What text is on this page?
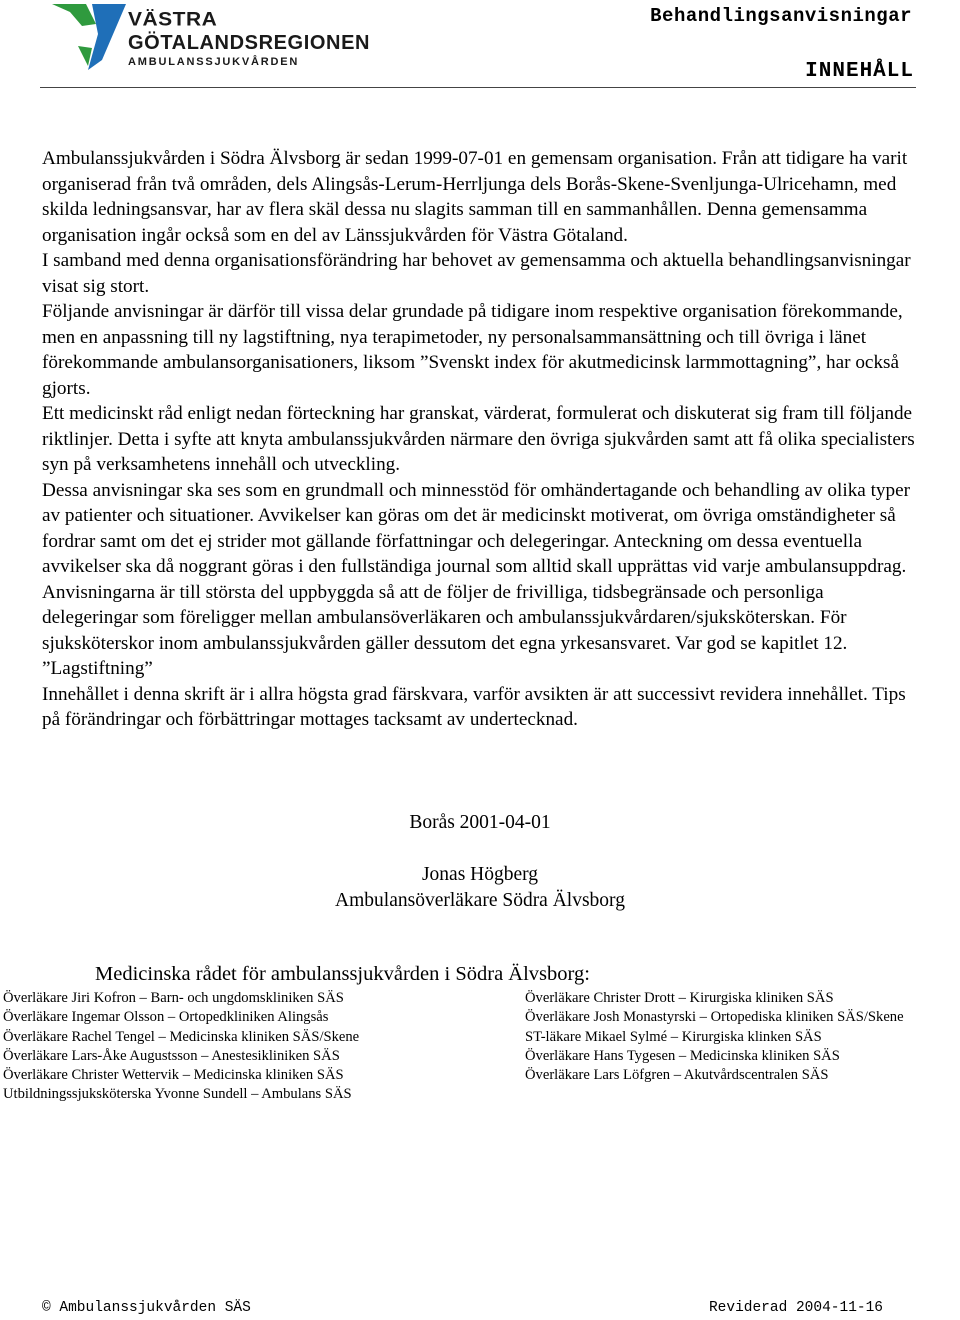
VÄSTRA
GÖTALANDSREGIONEN
AMBULANSSJUKVÅRDEN
Behandlingsanvisningar
INNEHÅLL

Ambulanssjukvården i Södra Älvsborg är sedan 1999-07-01 en gemensam organisation. Från att tidigare ha varit organiserad från två områden, dels Alingsås-Lerum-Herrljunga dels Borås-Skene-Svenljunga-Ulricehamn, med skilda ledningsansvar, har av flera skäl dessa nu slagits samman till en sammanhållen. Denna gemensamma organisation ingår också som en del av Länssjukvården för Västra Götaland.

I samband med denna organisationsförändring har behovet av gemensamma och aktuella behandlingsanvisningar visat sig stort.

Följande anvisningar är därför till vissa delar grundade på tidigare inom respektive organisation förekommande, men en anpassning till ny lagstiftning, nya terapimetoder, ny personalsammansättning och till övriga i länet förekommande ambulansorganisationers, liksom ”Svenskt index för akutmedicinsk larmmottagning”, har också gjorts.

Ett medicinskt råd enligt nedan förteckning har granskat, värderat, formulerat och diskuterat sig fram till följande riktlinjer. Detta i syfte att knyta ambulanssjukvården närmare den övriga sjukvården samt att få olika specialisters syn på verksamhetens innehåll och utveckling.

Dessa anvisningar ska ses som en grundmall och minnesstöd för omhändertagande och behandling av olika typer av patienter och situationer. Avvikelser kan göras om det är medicinskt motiverat, om övriga omständigheter så fordrar samt om det ej strider mot gällande författningar och delegeringar. Anteckning om dessa eventuella avvikelser ska då noggrant göras i den fullständiga journal som alltid skall upprättas vid varje ambulansuppdrag.

Anvisningarna är till största del uppbyggda så att de följer de frivilliga, tidsbegränsade och personliga delegeringar som föreligger mellan ambulansöverläkaren och ambulanssjukvårdaren/sjuksköterskan. För sjuksköterskor inom ambulanssjukvården gäller dessutom det egna yrkesansvaret. Var god se kapitlet 12. ”Lagstiftning”

Innehållet i denna skrift är i allra högsta grad färskvara, varför avsikten är att successivt revidera innehållet. Tips på förändringar och förbättringar mottages tacksamt av undertecknad.

Borås 2001-04-01
Jonas Högberg
Ambulansöverläkare Södra Älvsborg
Medicinska rådet för ambulanssjukvården i Södra Älvsborg:
Överläkare Jiri Kofron – Barn- och ungdomskliniken SÄS
Överläkare Ingemar Olsson – Ortopedkliniken Alingsås
Överläkare Rachel Tengel – Medicinska kliniken SÄS/Skene
Överläkare Lars-Åke Augustsson – Anestesikliniken SÄS
Överläkare Christer Wettervik – Medicinska kliniken SÄS
Utbildningssjuksköterska Yvonne Sundell – Ambulans SÄS
Överläkare Christer Drott – Kirurgiska kliniken SÄS
Överläkare Josh Monastyrski – Ortopediska kliniken SÄS/Skene
ST-läkare Mikael Sylmé – Kirurgiska klinken SÄS
Överläkare Hans Tygesen – Medicinska kliniken SÄS
Överläkare Lars Löfgren – Akutvårdscentralen SÄS
© Ambulanssjukvården SÄS	Reviderad 2004-11-16
